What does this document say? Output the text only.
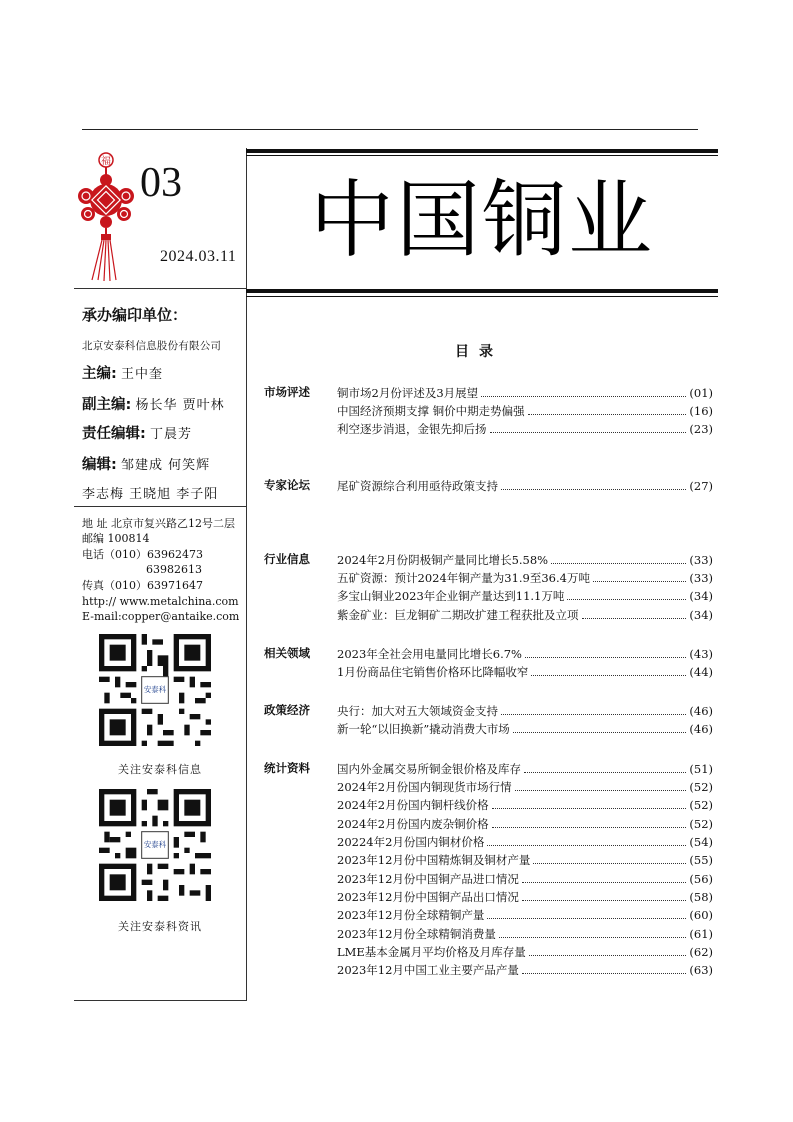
福 03
2024.03.11
承办编印单位：
北京安泰科信息股份有限公司
主编: 王中奎
副主编: 杨长华 贾叶林
责任编辑: 丁晨芳
编辑: 邹建成 何笑辉
李志梅 王晓旭 李子阳
地 址 北京市复兴路乙12号二层
邮编 100814
电话（010）63962473
63982613
传真（010）63971647
http:// www.metalchina.com
E-mail:copper@antaike.com
安泰科
关注安泰科信息
安泰科
关注安泰科资讯
中国铜业
目录
市场评述 铜市场2月份评述及3月展望	(01)
中国经济预期支撑 铜价中期走势偏强	(16)
利空逐步消退，金银先抑后扬	(23)
专家论坛 尾矿资源综合利用亟待政策支持	(27)
行业信息 2024年2月份阴极铜产量同比增长5.58%	(33)
五矿资源：预计2024年铜产量为31.9至36.4万吨	(33)
多宝山铜业2023年企业铜产量达到11.1万吨	(34)
紫金矿业：巨龙铜矿二期改扩建工程获批及立项	(34)
相关领域 2023年全社会用电量同比增长6.7%	(43)
1月份商品住宅销售价格环比降幅收窄	(44)
政策经济 央行：加大对五大领域资金支持	(46)
新一轮“以旧换新”撬动消费大市场	(46)
统计资料 国内外金属交易所铜金银价格及库存	(51)
2024年2月份国内铜现货市场行情	(52)
2024年2月份国内铜杆线价格	(52)
2024年2月份国内废杂铜价格	(52)
20224年2月份国内铜材价格	(54)
2023年12月份中国精炼铜及铜材产量	(55)
2023年12月份中国铜产品进口情况	(56)
2023年12月份中国铜产品出口情况	(58)
2023年12月份全球精铜产量	(60)
2023年12月份全球精铜消费量	(61)
LME基本金属月平均价格及月库存量	(62)
2023年12月中国工业主要产品产量	(63)
